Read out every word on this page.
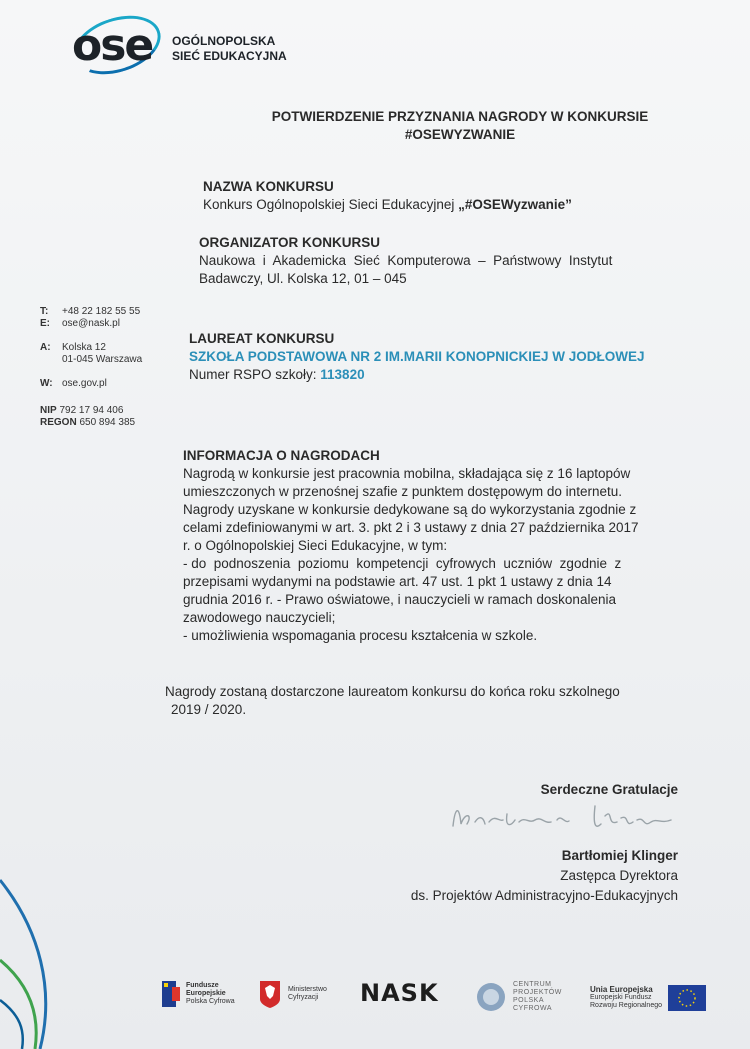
ose OGÓLNOPOLSKA
SIEĆ EDUKACYJNA
POTWIERDZENIE PRZYZNANIA NAGRODY W KONKURSIE
#OSEWYZWANIE
T: +48 22 182 55 55
E: ose@nask.pl
A: Kolska 12
01-045 Warszawa
W: ose.gov.pl
NIP 792 17 94 406
REGON 650 894 385
NAZWA KONKURSU
Konkurs Ogólnopolskiej Sieci Edukacyjnej „#OSEWyzwanie”
ORGANIZATOR KONKURSU
Naukowa  i  Akademicka  Sieć  Komputerowa  –  Państwowy  Instytut
Badawczy, Ul. Kolska 12, 01 – 045
LAUREAT KONKURSU
SZKOŁA PODSTAWOWA NR 2 IM.MARII KONOPNICKIEJ W JODŁOWEJ
Numer RSPO szkoły: 113820
INFORMACJA O NAGRODACH
Nagrodą w konkursie jest pracownia mobilna, składająca się z 16 laptopów
umieszczonych w przenośnej szafie z punktem dostępowym do internetu.
Nagrody uzyskane w konkursie dedykowane są do wykorzystania zgodnie z
celami zdefiniowanymi w art. 3. pkt 2 i 3 ustawy z dnia 27 października 2017
r. o Ogólnopolskiej Sieci Edukacyjne, w tym:
- do  podnoszenia  poziomu  kompetencji  cyfrowych  uczniów  zgodnie  z
przepisami wydanymi na podstawie art. 47 ust. 1 pkt 1 ustawy z dnia 14
grudnia 2016 r. - Prawo oświatowe, i nauczycieli w ramach doskonalenia
zawodowego nauczycieli;
- umożliwienia wspomagania procesu kształcenia w szkole.
Nagrody zostaną dostarczone laureatom konkursu do końca roku szkolnego
2019 / 2020.
Serdeczne Gratulacje
Bartłomiej Klinger
Zastępca Dyrektora
ds. Projektów Administracyjno-Edukacyjnych
Fundusze
Europejskie
Polska Cyfrowa
Ministerstwo
Cyfryzacji	NASK	CENTRUM
PROJEKTÓW
POLSKA
CYFROWA
Unia Europejska
Europejski Fundusz
Rozwoju Regionalnego
